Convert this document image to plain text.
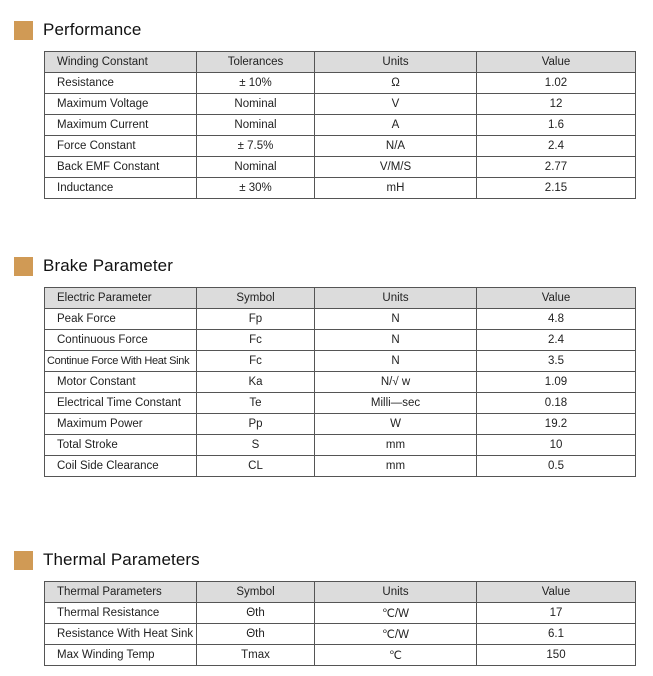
Performance
Winding Constant	Tolerances	Units	Value
Resistance	± 10%	Ω	1.02
Maximum Voltage	Nominal	V	12
Maximum Current	Nominal	A	1.6
Force Constant	± 7.5%	N/A	2.4
Back EMF Constant	Nominal	V/M/S	2.77
Inductance	± 30%	mH	2.15
Brake Parameter
Electric Parameter	Symbol	Units	Value
Peak Force	Fp	N	4.8
Continuous Force	Fc	N	2.4
Continue Force With Heat Sink	Fc	N	3.5
Motor Constant	Ka	N/√ w	1.09
Electrical Time Constant	Te	Milli—sec	0.18
Maximum Power	Pp	W	19.2
Total Stroke	S	mm	10
Coil Side Clearance	CL	mm	0.5
Thermal Parameters
Thermal Parameters	Symbol	Units	Value
Thermal Resistance	Θth	℃/W	17
Resistance With Heat Sink	Θth	℃/W	6.1
Max Winding Temp	Tmax	℃	150
